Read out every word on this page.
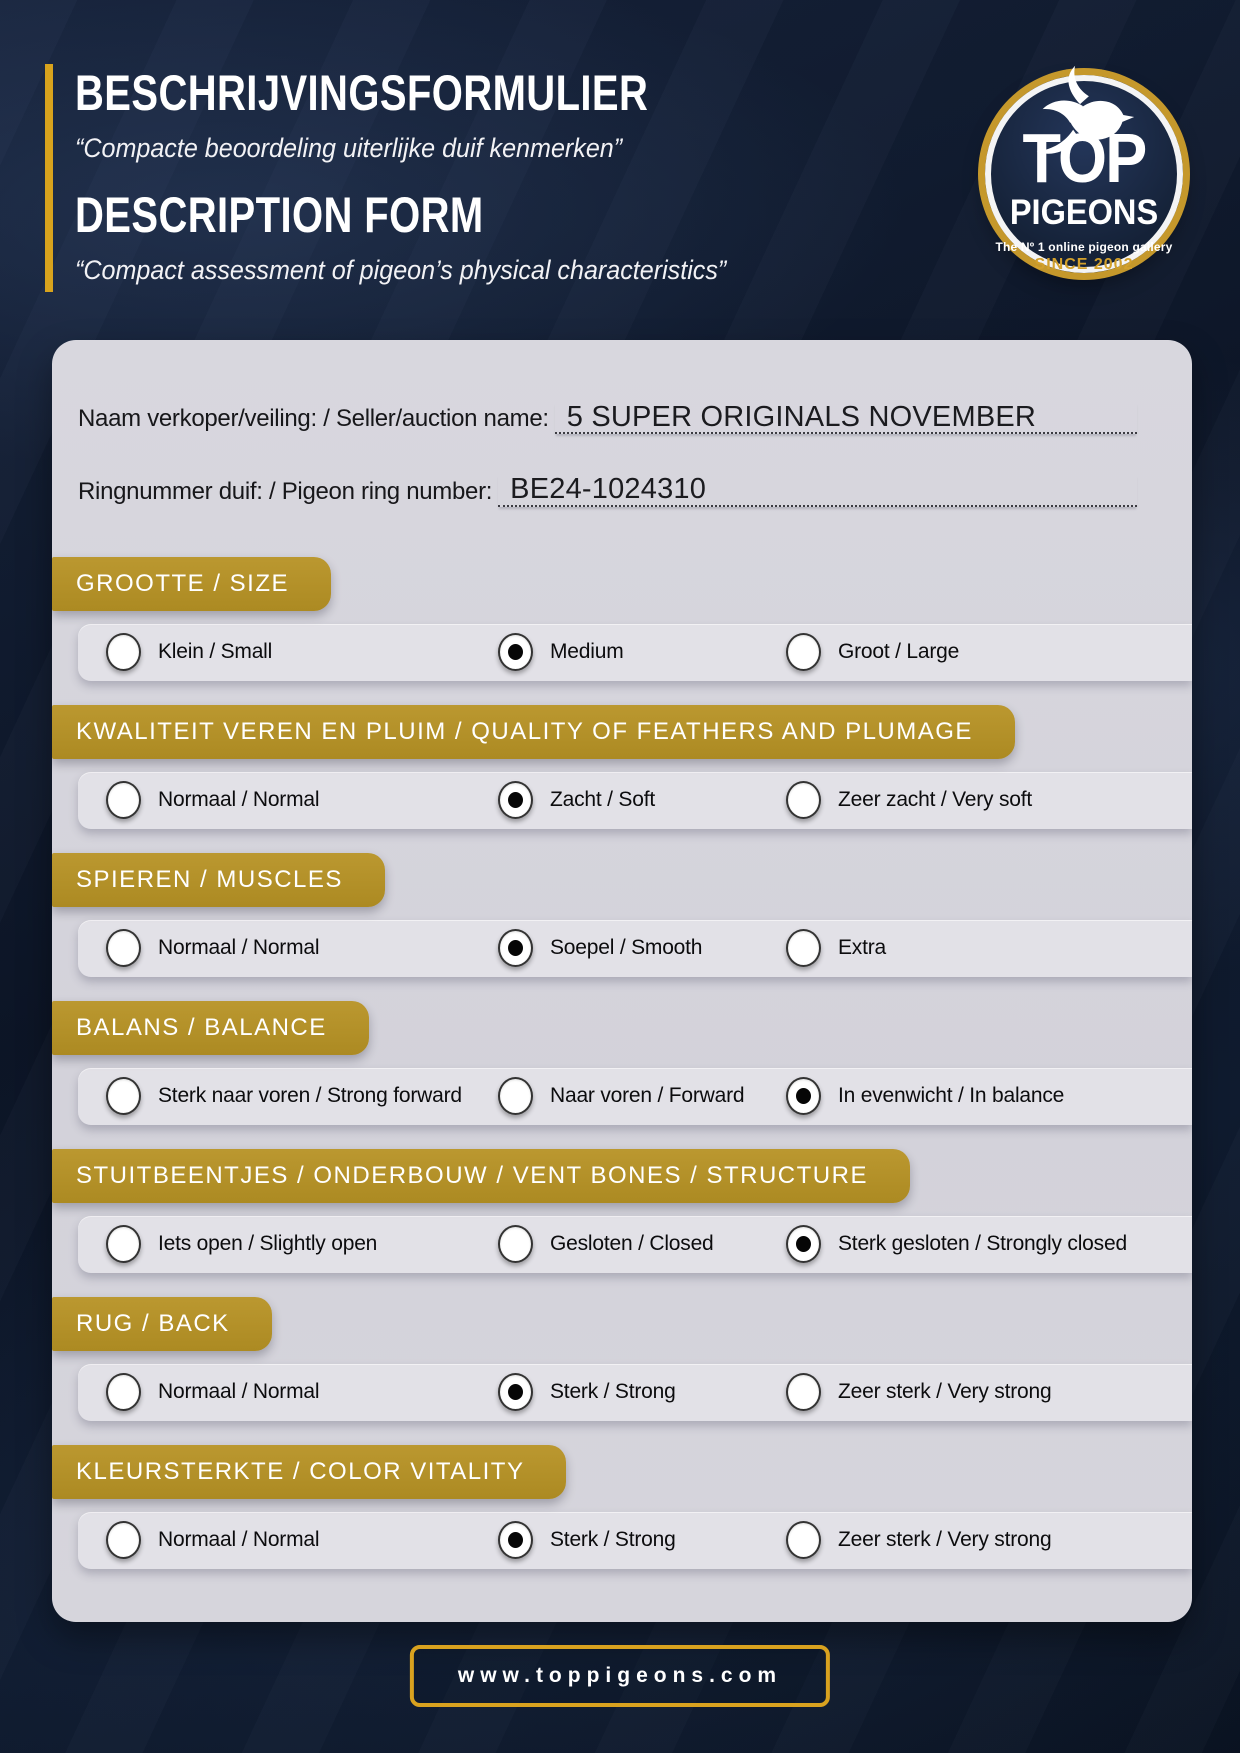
BESCHRIJVINGSFORMULIER
“Compacte beoordeling uiterlijke duif kenmerken”
DESCRIPTION FORM
“Compact assessment of pigeon’s physical characteristics”
TOP
PIGEONS
The Nº 1 online pigeon gallery
SINCE 2002
Naam verkoper/veiling: / Seller/auction name: 5 SUPER ORIGINALS NOVEMBER
Ringnummer duif: / Pigeon ring number: BE24-1024310
GROOTTE / SIZE
Klein / Small	Medium	Groot / Large
KWALITEIT VEREN EN PLUIM / QUALITY OF FEATHERS AND PLUMAGE
Normaal / Normal	Zacht / Soft	Zeer zacht / Very soft
SPIEREN / MUSCLES
Normaal / Normal	Soepel / Smooth	Extra
BALANS / BALANCE
Sterk naar voren / Strong forward	Naar voren / Forward	In evenwicht / In balance
STUITBEENTJES / ONDERBOUW / VENT BONES / STRUCTURE
Iets open / Slightly open	Gesloten / Closed	Sterk gesloten / Strongly closed
RUG / BACK
Normaal / Normal	Sterk / Strong	Zeer sterk / Very strong
KLEURSTERKTE / COLOR VITALITY
Normaal / Normal	Sterk / Strong	Zeer sterk / Very strong
www.toppigeons.com
